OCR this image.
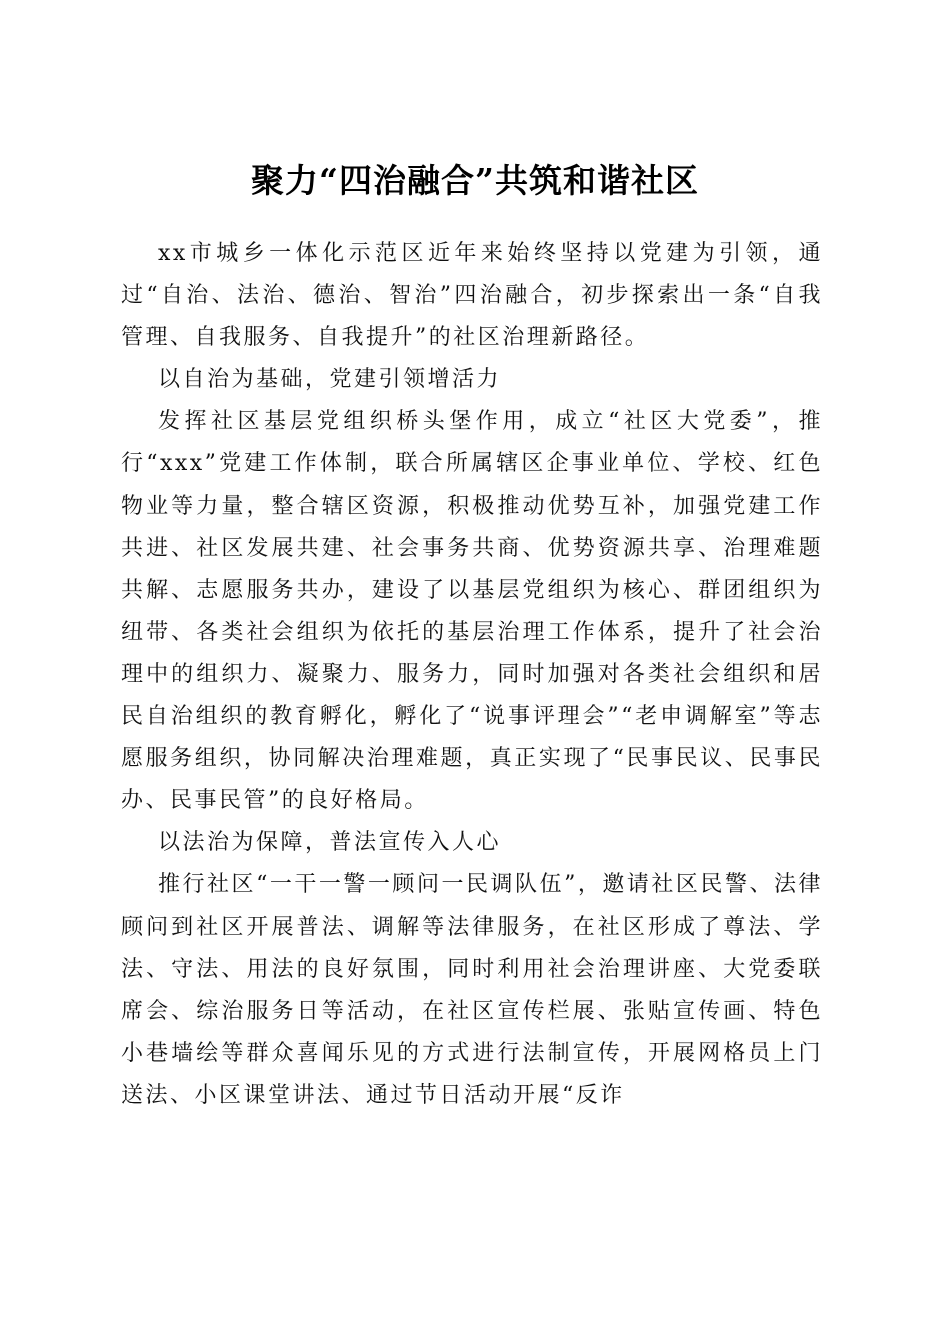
聚力“四治融合”共筑和谐社区

xx市城乡一体化示范区近年来始终坚持以党建为引领，通过“自治、法治、德治、智治”四治融合，初步探索出一条“自我管理、自我服务、自我提升”的社区治理新路径。

以自治为基础，党建引领增活力

发挥社区基层党组织桥头堡作用，成立“社区大党委”，推行“xxx”党建工作体制，联合所属辖区企事业单位、学校、红色物业等力量，整合辖区资源，积极推动优势互补，加强党建工作共进、社区发展共建、社会事务共商、优势资源共享、治理难题共解、志愿服务共办，建设了以基层党组织为核心、群团组织为纽带、各类社会组织为依托的基层治理工作体系，提升了社会治理中的组织力、凝聚力、服务力，同时加强对各类社会组织和居民自治组织的教育孵化，孵化了“说事评理会”“老申调解室”等志愿服务组织，协同解决治理难题，真正实现了“民事民议、民事民办、民事民管”的良好格局。

以法治为保障，普法宣传入人心

推行社区“一干一警一顾问一民调队伍”，邀请社区民警、法律顾问到社区开展普法、调解等法律服务，在社区形成了尊法、学法、守法、用法的良好氛围，同时利用社会治理讲座、大党委联席会、综治服务日等活动，在社区宣传栏展、张贴宣传画、特色小巷墙绘等群众喜闻乐见的方式进行法制宣传，开展网格员上门送法、小区课堂讲法、通过节日活动开展“反诈
